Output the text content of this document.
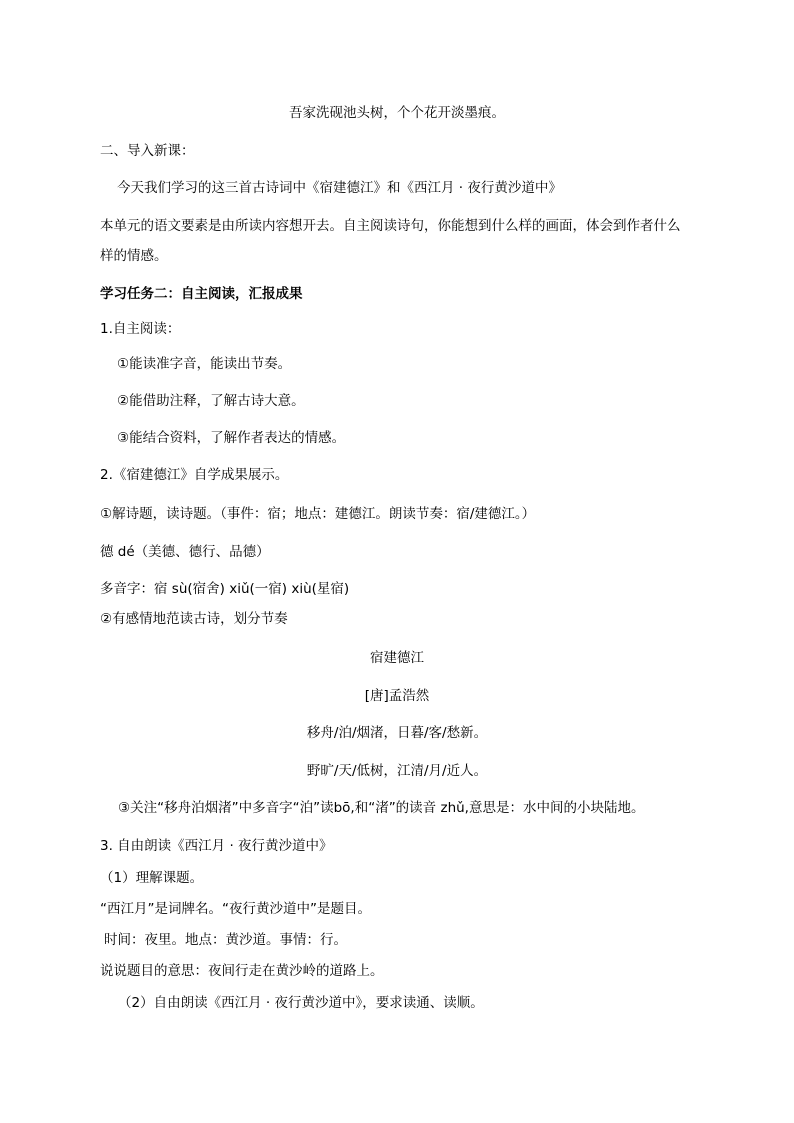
吾家洗砚池头树，个个花开淡墨痕。
二、导入新课：
今天我们学习的这三首古诗词中《宿建德江》和《西江月 · 夜行黄沙道中》
本单元的语文要素是由所读内容想开去。自主阅读诗句，你能想到什么样的画面，体会到作者什么
样的情感。
学习任务二：自主阅读，汇报成果
1.自主阅读：
①能读准字音，能读出节奏。
②能借助注释，了解古诗大意。
③能结合资料，了解作者表达的情感。
2.《宿建德江》自学成果展示。
①解诗题，读诗题。（事件：宿；地点：建德江。朗读节奏：宿/建德江。）
德 dé（美德、德行、品德）
多音字：宿 sù(宿舍) xiǔ(一宿) xiù(星宿)
②有感情地范读古诗，划分节奏
宿建德江
[唐]孟浩然
移舟/泊/烟渚，日暮/客/愁新。
野旷/天/低树，江清/月/近人。
③关注“移舟泊烟渚”中多音字“泊”读bō,和“渚”的读音 zhǔ,意思是：水中间的小块陆地。
3. 自由朗读《西江月 · 夜行黄沙道中》
（1）理解课题。
“西江月”是词牌名。“夜行黄沙道中”是题目。
时间：夜里。地点：黄沙道。事情：行。
说说题目的意思：夜间行走在黄沙岭的道路上。
（2）自由朗读《西江月 · 夜行黄沙道中》，要求读通、读顺。
